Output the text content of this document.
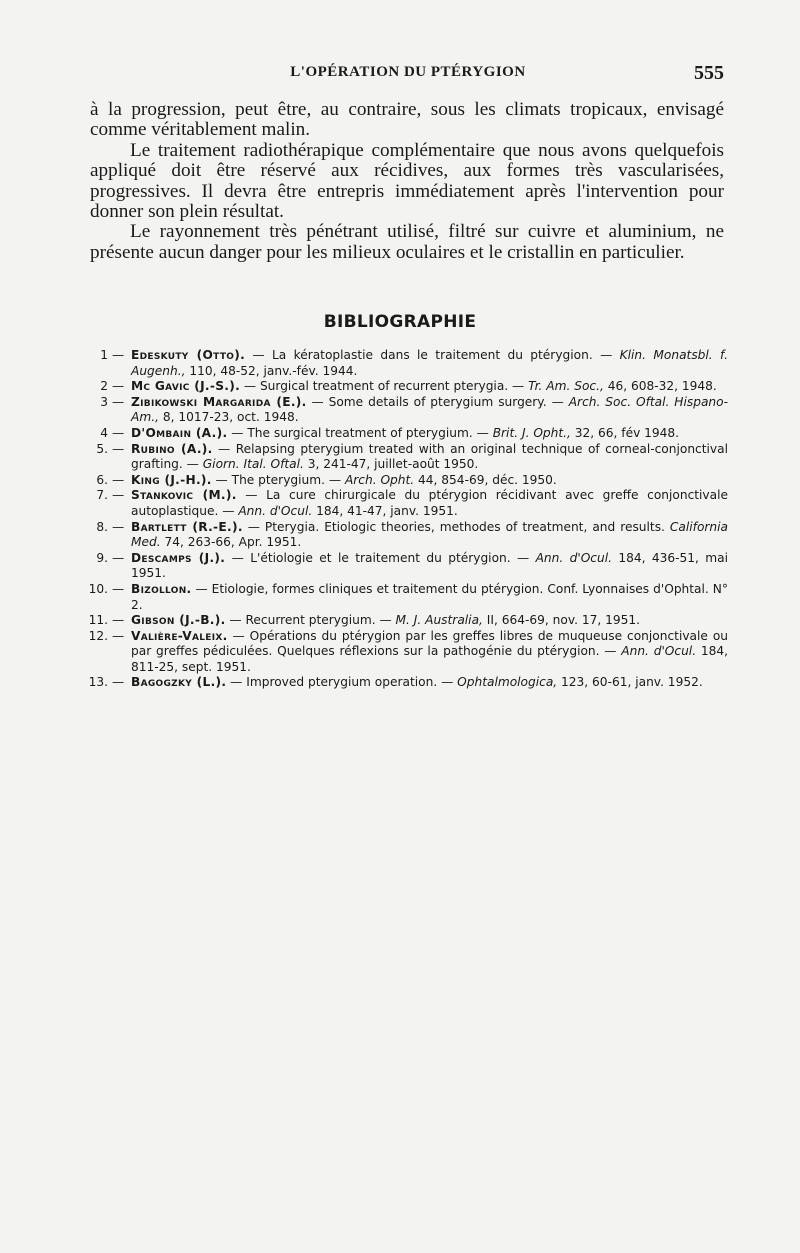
L'OPÉRATION DU PTÉRYGION	555

à la progression, peut être, au contraire, sous les climats tropicaux, envisagé comme véritablement malin.

Le traitement radiothérapique complémentaire que nous avons quelquefois appliqué doit être réservé aux récidives, aux formes très vascularisées, progressives. Il devra être entrepris immédiatement après l'intervention pour donner son plein résultat.

Le rayonnement très pénétrant utilisé, filtré sur cuivre et aluminium, ne présente aucun danger pour les milieux oculaires et le cristallin en particulier.

BIBLIOGRAPHIE
1 — Edeskuty (Otto). — La kératoplastie dans le traitement du ptérygion. — Klin. Monatsbl. f. Augenh., 110, 48-52, janv.-fév. 1944.
2 — Mc Gavic (J.-S.). — Surgical treatment of recurrent pterygia. — Tr. Am. Soc., 46, 608-32, 1948.
3 — Zibikowski Margarida (E.). — Some details of pterygium surgery. — Arch. Soc. Oftal. Hispano-Am., 8, 1017-23, oct. 1948.
4 — D'Ombain (A.). — The surgical treatment of pterygium. — Brit. J. Opht., 32, 66, fév 1948.
5. — Rubino (A.). — Relapsing pterygium treated with an original technique of corneal-conjonctival grafting. — Giorn. Ital. Oftal. 3, 241-47, juillet-août 1950.
6. — King (J.-H.). — The pterygium. — Arch. Opht. 44, 854-69, déc. 1950.
7. — Stankovic (M.). — La cure chirurgicale du ptérygion récidivant avec greffe conjonctivale autoplastique. — Ann. d'Ocul. 184, 41-47, janv. 1951.
8. — Bartlett (R.-E.). — Pterygia. Etiologic theories, methodes of treatment, and results. California Med. 74, 263-66, Apr. 1951.
9. — Descamps (J.). — L'étiologie et le traitement du ptérygion. — Ann. d'Ocul. 184, 436-51, mai 1951.
10. — Bizollon. — Etiologie, formes cliniques et traitement du ptérygion. Conf. Lyonnaises d'Ophtal. N° 2.
11. — Gibson (J.-B.). — Recurrent pterygium. — M. J. Australia, II, 664-69, nov. 17, 1951.
12. — Valière-Valeix. — Opérations du ptérygion par les greffes libres de muqueuse conjonctivale ou par greffes pédiculées. Quelques réflexions sur la pathogénie du ptérygion. — Ann. d'Ocul. 184, 811-25, sept. 1951.
13. — Bagogzky (L.). — Improved pterygium operation. — Ophtalmologica, 123, 60-61, janv. 1952.
